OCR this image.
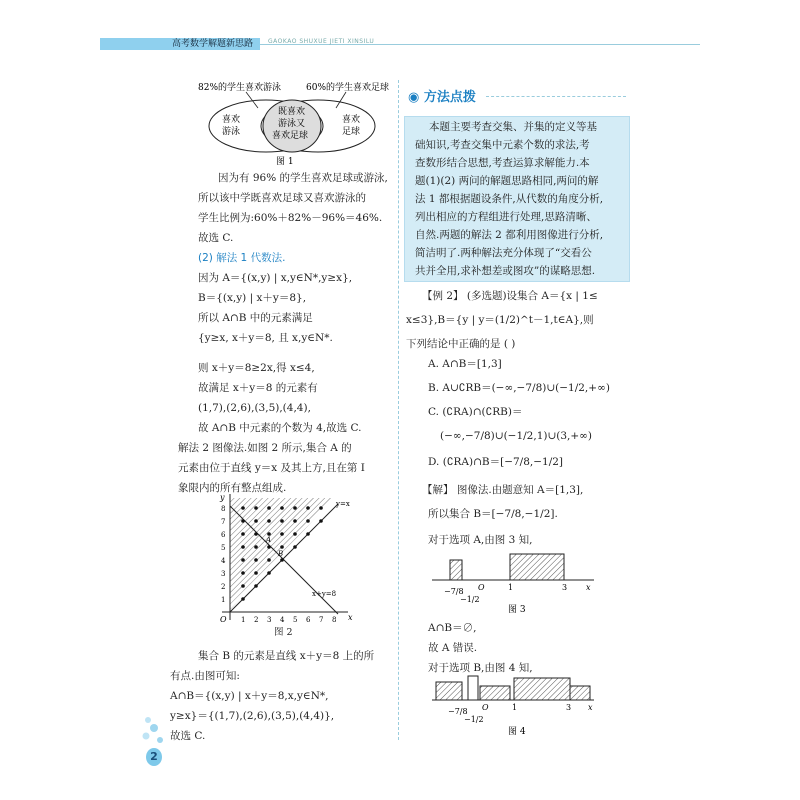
高考数学解题新思路	GAOKAO SHUXUE JIETI XINSILU
82%的学生喜欢游泳	60%的学生喜欢足球
喜欢
游泳
既喜欢
游泳又
喜欢足球
喜欢
足球
图 1
因为有 96% 的学生喜欢足球或游泳,
所以该中学既喜欢足球又喜欢游泳的
学生比例为:60%＋82%－96%＝46%.
故选 C.
(2) 解法 1 代数法.
因为 A＝{(x,y) | x,y∈N*,y≥x},
B＝{(x,y) | x＋y＝8},
所以 A∩B 中的元素满足
{y≥x, x＋y＝8, 且 x,y∈N*.
则 x＋y＝8≥2x,得 x≤4,
故满足 x＋y＝8 的元素有
(1,7),(2,6),(3,5),(4,4),
故 A∩B 中元素的个数为 4,故选 C.
解法 2 图像法.如图 2 所示,集合 A 的
元素由位于直线 y＝x 及其上方,且在第 Ⅰ
象限内的所有整点组成.
y
x
O
y=x
x+y=8
A
B
1
1
2
2
3
3
4
4
5
5
6
6
7
7
8
8
图 2
集合 B 的元素是直线 x＋y＝8 上的所
有点.由图可知:
A∩B＝{(x,y) | x＋y＝8,x,y∈N*,
y≥x}＝{(1,7),(2,6),(3,5),(4,4)},
故选 C.
◉ 方法点拨

本题主要考查交集、并集的定义等基

础知识,考查交集中元素个数的求法,考

查数形结合思想,考查运算求解能力.本

题(1)(2) 两问的解题思路相同,两问的解

法 1 都根据题设条件,从代数的角度分析,

列出相应的方程组进行处理,思路清晰、

自然.两题的解法 2 都利用图像进行分析,

简洁明了.两种解法充分体现了“交看公

共并全用,求补想差或图攻”的谋略思想.

【例 2】 (多选题)设集合 A＝{x | 1≤
x≤3},B＝{y | y＝(1/2)^t－1,t∈A},则
下列结论中正确的是 ( )
A. A∩B＝[1,3]
B. A∪∁RB＝(−∞,−7/8)∪(−1/2,+∞)
C. (∁RA)∩(∁RB)＝
(−∞,−7/8)∪(−1/2,1)∪(3,+∞)
D. (∁RA)∩B＝[−7/8,−1/2]
【解】 图像法.由题意知 A＝[1,3],
所以集合 B＝[−7/8,−1/2].
对于选项 A,由图 3 知,
−7/8
−1/2
O	1	3 x
图 3
A∩B＝∅,
故 A 错误.
对于选项 B,由图 4 知,
−7/8
−1/2
O	1	3 x
图 4
2
